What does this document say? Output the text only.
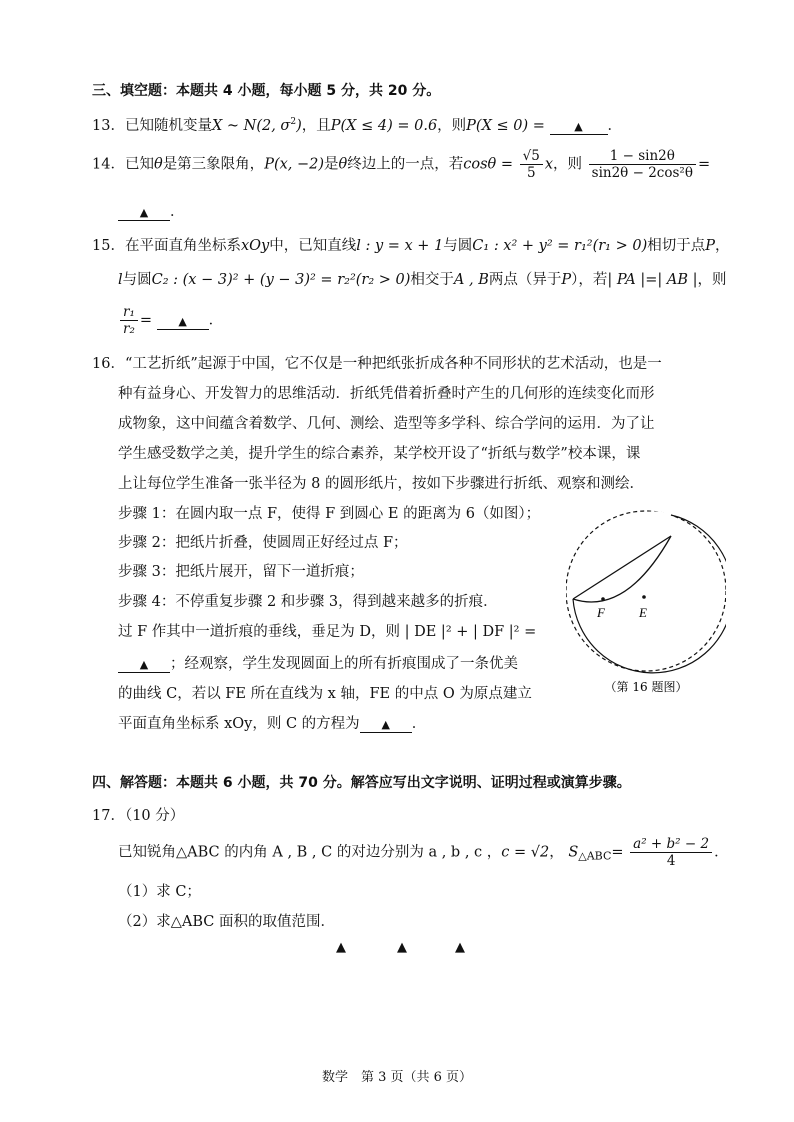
三、填空题：本题共 4 小题，每小题 5 分，共 20 分。
13．已知随机变量X ~ N(2, $\sigma^2$)，且P(X ≤ 4) = 0.6，则P(X ≤ 0) =	▲ ．
14．已知θ是第三象限角，P(x, −2)是θ终边上的一点，若$\cos\theta = \frac{√5}{5}$ x，则 $\frac{1 - \sin 2\theta}{\text{sin2θ − 2cos²θ}}$ =
▲ ．
15．在平面直角坐标系xOy中，已知直线l : y = x + 1与圆C₁ : x² + y² = r₁²(r₁ > 0)相切于点P，
l与圆C₂ : (x − 3)² + (y − 3)² = r₂²(r₂ > 0)相交于A , B两点（异于P），若| PA |=| AB |，则
$\frac{\text{r₁}}{\text{r₂}}$ = ▲ ．
16．“工艺折纸”起源于中国，它不仅是一种把纸张折成各种不同形状的艺术活动，也是一
种有益身心、开发智力的思维活动．折纸凭借着折叠时产生的几何形的连续变化而形
成物象，这中间蕴含着数学、几何、测绘、造型等多学科、综合学问的运用．为了让
学生感受数学之美，提升学生的综合素养，某学校开设了“折纸与数学”校本课，课
上让每位学生准备一张半径为 8 的圆形纸片，按如下步骤进行折纸、观察和测绘．
步骤 1：在圆内取一点 F，使得 F 到圆心 E 的距离为 6（如图）；
步骤 2：把纸片折叠，使圆周正好经过点 F；
步骤 3：把纸片展开，留下一道折痕；
步骤 4：不停重复步骤 2 和步骤 3，得到越来越多的折痕．
过 F 作其中一道折痕的垂线，垂足为 D，则 | DE |² + | DF |² =
▲ ；经观察，学生发现圆面上的所有折痕围成了一条优美
的曲线 C，若以 FE 所在直线为 x 轴，FE 的中点 O 为原点建立
平面直角坐标系 xOy，则 C 的方程为 ▲ ．
F	E
（第 16 题图）
四、解答题：本题共 6 小题，共 70 分。解答应写出文字说明、证明过程或演算步骤。
17．（10 分）
已知锐角△ABC 的内角 A , B , C 的对边分别为 a , b , c ，c = √2， $S_{\triangle ABC}= \frac{\text{a² + b² − 2}}{4}$ ．
（1）求 C；
（2）求△ABC 面积的取值范围．
▲	▲	▲
数学　第 3 页（共 6 页）
